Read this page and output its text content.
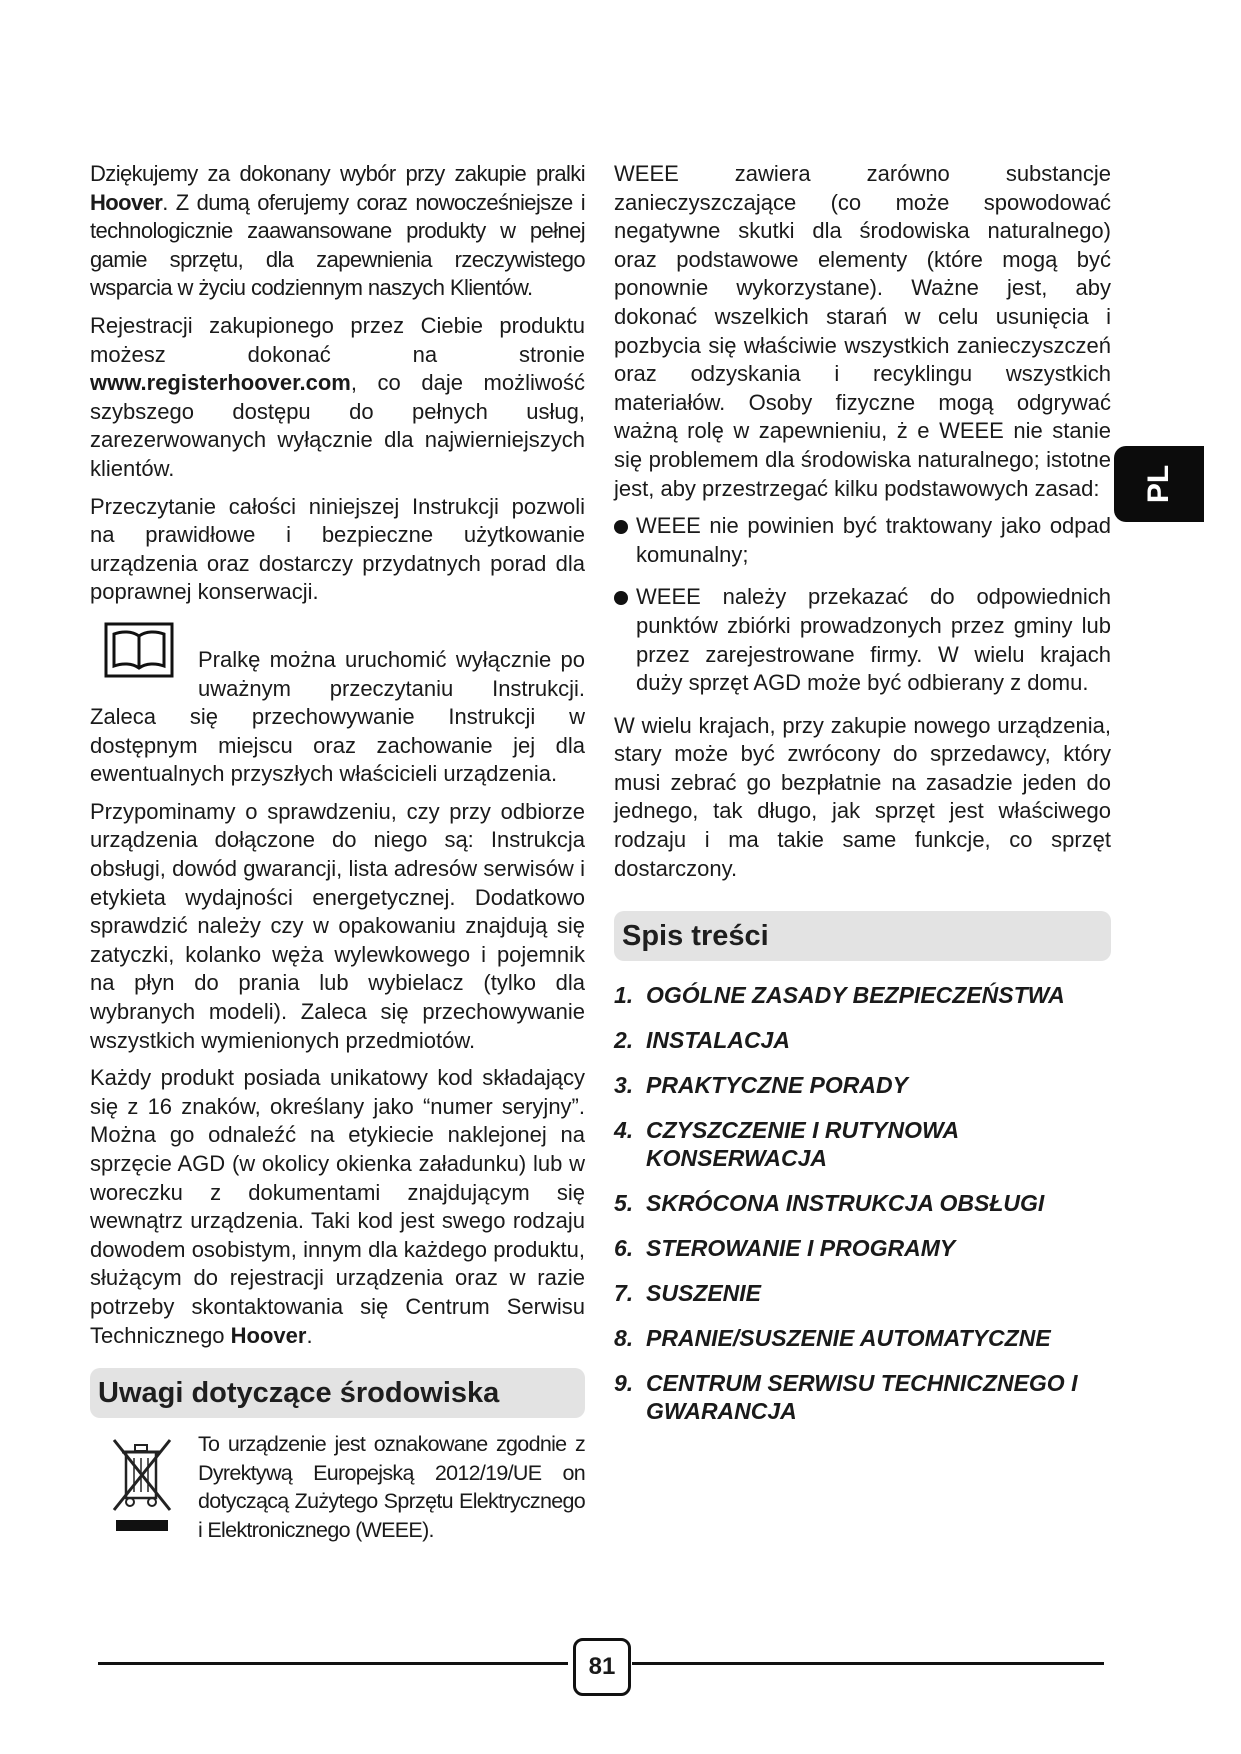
Dziękujemy za dokonany wybór przy zakupie pralki Hoover. Z dumą oferujemy coraz nowocześniejsze i technologicznie zaawansowane produkty w pełnej gamie sprzętu, dla zapewnienia rzeczywistego wsparcia w życiu codziennym naszych Klientów.

Rejestracji zakupionego przez Ciebie produktu możesz dokonać na stronie www.registerhoover.com, co daje możliwość szybszego dostępu do pełnych usług, zarezerwowanych wyłącznie dla najwierniejszych klientów.

Przeczytanie całości niniejszej Instrukcji pozwoli na prawidłowe i bezpieczne użytkowanie urządzenia oraz dostarczy przydatnych porad dla poprawnej konserwacji.

Pralkę można uruchomić wyłącznie po uważnym przeczytaniu Instrukcji. Zaleca się przechowywanie Instrukcji w dostępnym miejscu oraz zachowanie jej dla ewentualnych przyszłych właścicieli urządzenia.

Przypominamy o sprawdzeniu, czy przy odbiorze urządzenia dołączone do niego są: Instrukcja obsługi, dowód gwarancji, lista adresów serwisów i etykieta wydajności energetycznej. Dodatkowo sprawdzić należy czy w opakowaniu znajdują się zatyczki, kolanko węża wylewkowego i pojemnik na płyn do prania lub wybielacz (tylko dla wybranych modeli). Zaleca się przechowywanie wszystkich wymienionych przedmiotów.

Każdy produkt posiada unikatowy kod składający się z 16 znaków, określany jako “numer seryjny”. Można go odnaleźć na etykiecie naklejonej na sprzęcie AGD (w okolicy okienka załadunku) lub w woreczku z dokumentami znajdującym się wewnątrz urządzenia. Taki kod jest swego rodzaju dowodem osobistym, innym dla każdego produktu, służącym do rejestracji urządzenia oraz w razie potrzeby skontaktowania się Centrum Serwisu Technicznego Hoover.

Uwagi dotyczące środowiska

To urządzenie jest oznakowane zgodnie z Dyrektywą Europejską 2012/19/UE on dotyczącą Zużytego Sprzętu Elektrycznego i Elektronicznego (WEEE).

WEEE zawiera zarówno substancje zanieczyszczające (co może spowodować negatywne skutki dla środowiska naturalnego) oraz podstawowe elementy (które mogą być ponownie wykorzystane). Ważne jest, aby dokonać wszelkich starań w celu usunięcia i pozbycia się właściwie wszystkich zanieczyszczeń oraz odzyskania i recyklingu wszystkich materiałów. Osoby fizyczne mogą odgrywać ważną rolę w zapewnieniu, ż e WEEE nie stanie się problemem dla środowiska naturalnego; istotne jest, aby przestrzegać kilku podstawowych zasad:

WEEE nie powinien być traktowany jako odpad komunalny;
WEEE należy przekazać do odpowiednich punktów zbiórki prowadzonych przez gminy lub przez zarejestrowane firmy. W wielu krajach duży sprzęt AGD może być odbierany z domu.

W wielu krajach, przy zakupie nowego urządzenia, stary może być zwrócony do sprzedawcy, który musi zebrać go bezpłatnie na zasadzie jeden do jednego, tak długo, jak sprzęt jest właściwego rodzaju i ma takie same funkcje, co sprzęt dostarczony.

Spis treści
1. OGÓLNE ZASADY BEZPIECZEŃSTWA
2. INSTALACJA
3. PRAKTYCZNE PORADY
4. CZYSZCZENIE I RUTYNOWA KONSERWACJA
5. SKRÓCONA INSTRUKCJA OBSŁUGI
6. STEROWANIE I PROGRAMY
7. SUSZENIE
8. PRANIE/SUSZENIE AUTOMATYCZNE
9. CENTRUM SERWISU TECHNICZNEGO I GWARANCJA
PL
81
